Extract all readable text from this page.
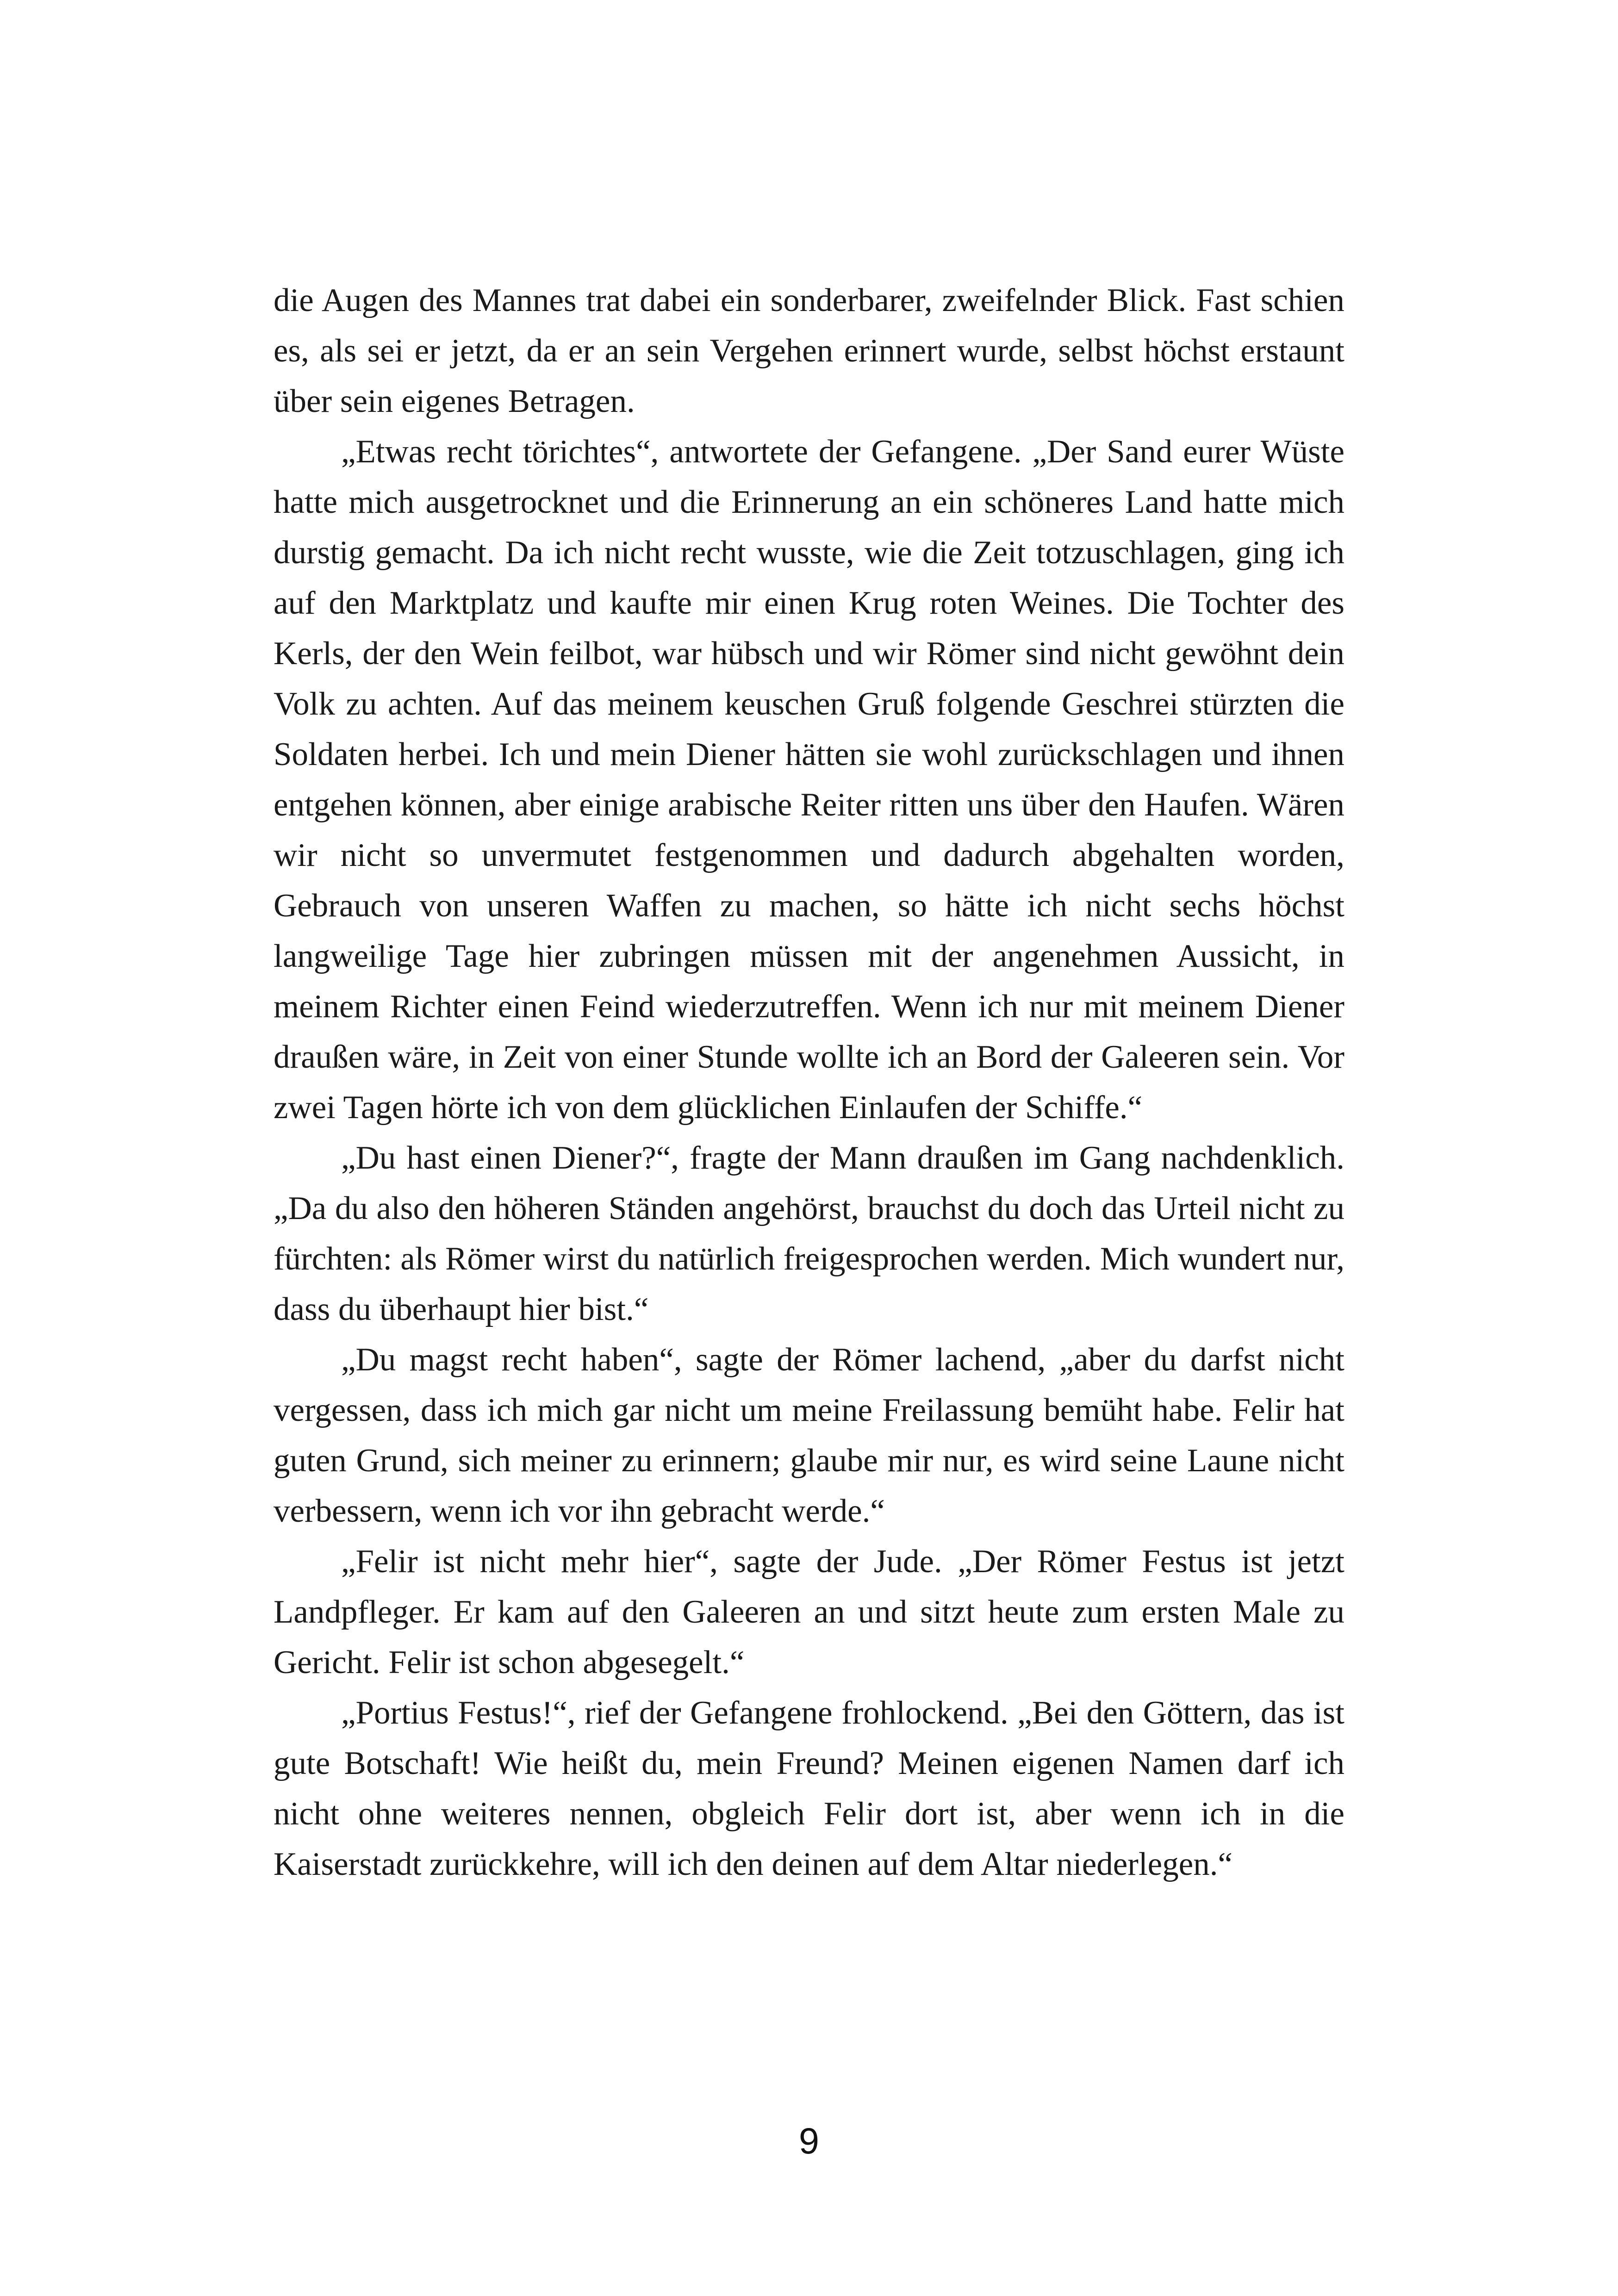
die Augen des Mannes trat dabei ein sonderbarer, zweifelnder Blick. Fast schien es, als sei er jetzt, da er an sein Vergehen erinnert wurde, selbst höchst erstaunt über sein eigenes Betragen.

„Etwas recht törichtes“, antwortete der Gefangene. „Der Sand eurer Wüste hatte mich ausgetrocknet und die Erinnerung an ein schöneres Land hatte mich durstig gemacht. Da ich nicht recht wusste, wie die Zeit totzuschlagen, ging ich auf den Marktplatz und kaufte mir einen Krug roten Weines. Die Tochter des Kerls, der den Wein feilbot, war hübsch und wir Römer sind nicht gewöhnt dein Volk zu achten. Auf das meinem keuschen Gruß folgende Geschrei stürzten die Soldaten herbei. Ich und mein Diener hätten sie wohl zurückschlagen und ihnen entgehen können, aber einige arabische Reiter ritten uns über den Haufen. Wären wir nicht so unvermutet festgenommen und dadurch abgehalten worden, Gebrauch von unseren Waffen zu machen, so hätte ich nicht sechs höchst langweilige Tage hier zubringen müssen mit der angenehmen Aussicht, in meinem Richter einen Feind wiederzutreffen. Wenn ich nur mit meinem Diener draußen wäre, in Zeit von einer Stunde wollte ich an Bord der Galeeren sein. Vor zwei Tagen hörte ich von dem glücklichen Einlaufen der Schiffe.“

„Du hast einen Diener?“, fragte der Mann draußen im Gang nachdenklich. „Da du also den höheren Ständen angehörst, brauchst du doch das Urteil nicht zu fürchten: als Römer wirst du natürlich freigesprochen werden. Mich wundert nur, dass du überhaupt hier bist.“

„Du magst recht haben“, sagte der Römer lachend, „aber du darfst nicht vergessen, dass ich mich gar nicht um meine Freilassung bemüht habe. Felir hat guten Grund, sich meiner zu erinnern; glaube mir nur, es wird seine Laune nicht verbessern, wenn ich vor ihn gebracht werde.“

„Felir ist nicht mehr hier“, sagte der Jude. „Der Römer Festus ist jetzt Landpfleger. Er kam auf den Galeeren an und sitzt heute zum ersten Male zu Gericht. Felir ist schon abgesegelt.“

„Portius Festus!“, rief der Gefangene frohlockend. „Bei den Göttern, das ist gute Botschaft! Wie heißt du, mein Freund? Meinen eigenen Namen darf ich nicht ohne weiteres nennen, obgleich Felir dort ist, aber wenn ich in die Kaiserstadt zurückkehre, will ich den deinen auf dem Altar niederlegen.“

9
